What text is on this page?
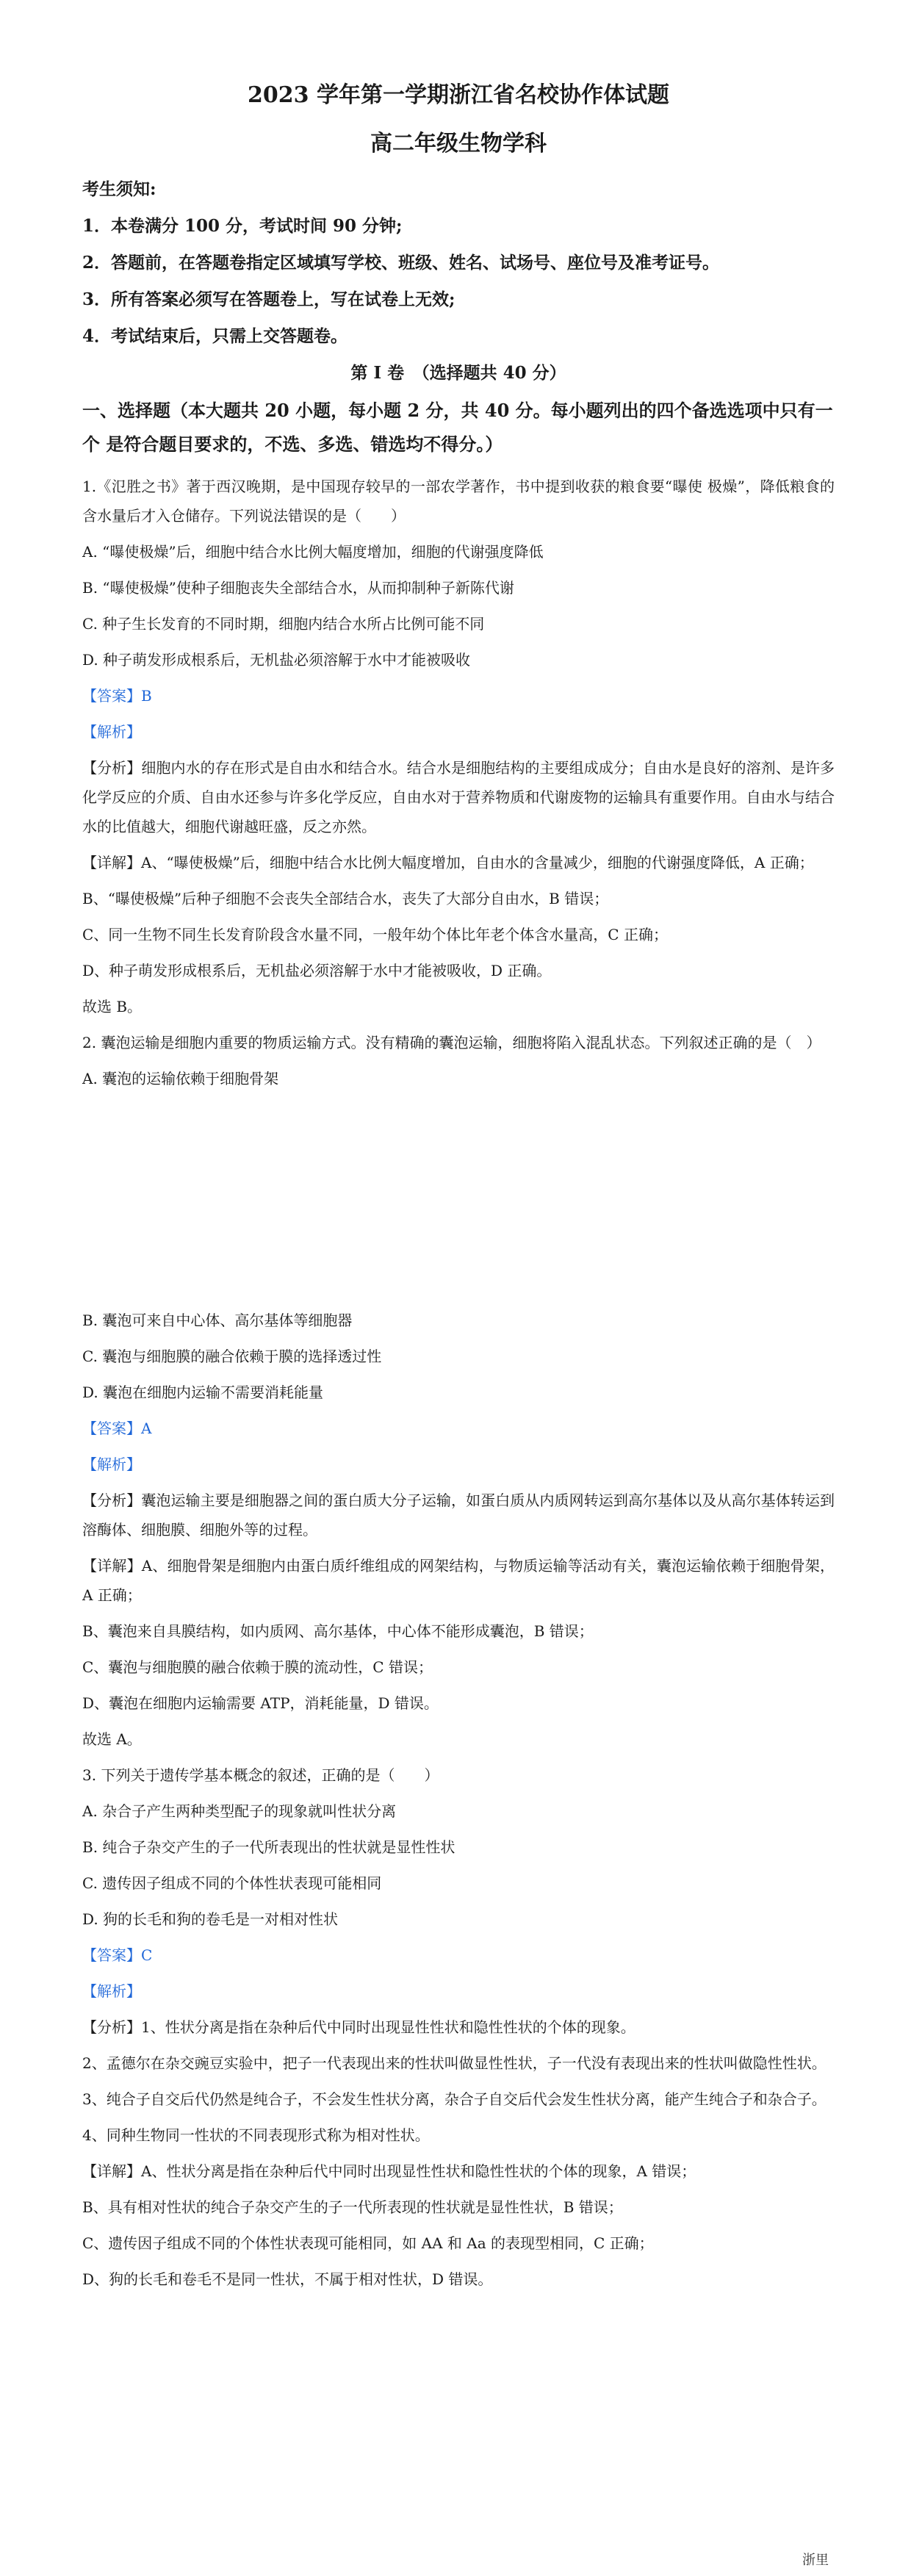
2023 学年第一学期浙江省名校协作体试题
高二年级生物学科
考生须知:
1．本卷满分 100 分，考试时间 90 分钟;
2．答题前，在答题卷指定区域填写学校、班级、姓名、试场号、座位号及准考证号。
3．所有答案必须写在答题卷上，写在试卷上无效;
4．考试结束后，只需上交答题卷。
第 I 卷　（选择题共 40 分）
一、选择题（本大题共 20 小题，每小题 2 分，共 40 分。每小题列出的四个备选选项中只有一个 是符合题目要求的，不选、多选、错选均不得分。）
1.《氾胜之书》著于西汉晚期，是中国现存较早的一部农学著作，书中提到收获的粮食要“曝使 极燥”，降低粮食的含水量后才入仓储存。下列说法错误的是（　　）
A. “曝使极燥”后，细胞中结合水比例大幅度增加，细胞的代谢强度降低
B. “曝使极燥”使种子细胞丧失全部结合水，从而抑制种子新陈代谢
C. 种子生长发育的不同时期，细胞内结合水所占比例可能不同
D. 种子萌发形成根系后，无机盐必须溶解于水中才能被吸收
【答案】B
【解析】
【分析】细胞内水的存在形式是自由水和结合水。结合水是细胞结构的主要组成成分；自由水是良好的溶剂、是许多化学反应的介质、自由水还参与许多化学反应，自由水对于营养物质和代谢废物的运输具有重要作用。自由水与结合水的比值越大，细胞代谢越旺盛，反之亦然。
【详解】A、“曝使极燥”后，细胞中结合水比例大幅度增加，自由水的含量减少，细胞的代谢强度降低，A 正确；
B、“曝使极燥”后种子细胞不会丧失全部结合水，丧失了大部分自由水，B 错误；
C、同一生物不同生长发育阶段含水量不同，一般年幼个体比年老个体含水量高，C 正确；
D、种子萌发形成根系后，无机盐必须溶解于水中才能被吸收，D 正确。
故选 B。
2. 囊泡运输是细胞内重要的物质运输方式。没有精确的囊泡运输，细胞将陷入混乱状态。下列叙述正确的是（　）
A. 囊泡的运输依赖于细胞骨架
B. 囊泡可来自中心体、高尔基体等细胞器
C. 囊泡与细胞膜的融合依赖于膜的选择透过性
D. 囊泡在细胞内运输不需要消耗能量
【答案】A
【解析】
【分析】囊泡运输主要是细胞器之间的蛋白质大分子运输，如蛋白质从内质网转运到高尔基体以及从高尔基体转运到溶酶体、细胞膜、细胞外等的过程。
【详解】A、细胞骨架是细胞内由蛋白质纤维组成的网架结构，与物质运输等活动有关，囊泡运输依赖于细胞骨架，A 正确；
B、囊泡来自具膜结构，如内质网、高尔基体，中心体不能形成囊泡，B 错误；
C、囊泡与细胞膜的融合依赖于膜的流动性，C 错误；
D、囊泡在细胞内运输需要 ATP，消耗能量，D 错误。
故选 A。
3. 下列关于遗传学基本概念的叙述，正确的是（　　）
A. 杂合子产生两种类型配子的现象就叫性状分离
B. 纯合子杂交产生的子一代所表现出的性状就是显性性状
C. 遗传因子组成不同的个体性状表现可能相同
D. 狗的长毛和狗的卷毛是一对相对性状
【答案】C
【解析】
【分析】1、性状分离是指在杂种后代中同时出现显性性状和隐性性状的个体的现象。
2、孟德尔在杂交豌豆实验中，把子一代表现出来的性状叫做显性性状，子一代没有表现出来的性状叫做隐性性状。
3、纯合子自交后代仍然是纯合子，不会发生性状分离，杂合子自交后代会发生性状分离，能产生纯合子和杂合子。
4、同种生物同一性状的不同表现形式称为相对性状。
【详解】A、性状分离是指在杂种后代中同时出现显性性状和隐性性状的个体的现象，A 错误；
B、具有相对性状的纯合子杂交产生的子一代所表现的性状就是显性性状，B 错误；
C、遗传因子组成不同的个体性状表现可能相同，如 AA 和 Aa 的表现型相同，C 正确；
D、狗的长毛和卷毛不是同一性状，不属于相对性状，D 错误。
浙里
